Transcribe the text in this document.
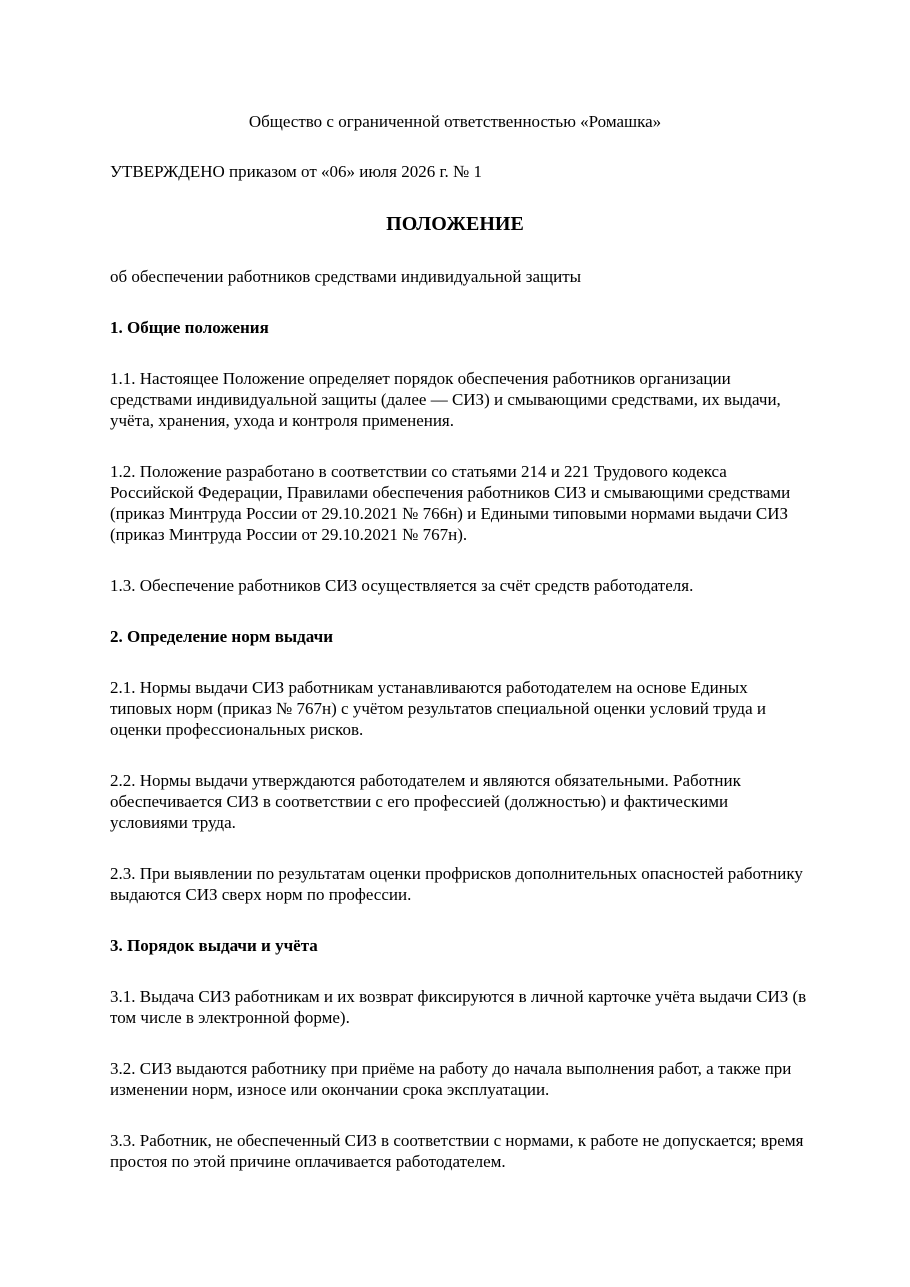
Общество с ограниченной ответственностью «Ромашка»

УТВЕРЖДЕНО приказом от «06» июля 2026 г. № 1

ПОЛОЖЕНИЕ

об обеспечении работников средствами индивидуальной защиты

1. Общие положения

1.1. Настоящее Положение определяет порядок обеспечения работников организации средствами индивидуальной защиты (далее — СИЗ) и смывающими средствами, их выдачи, учёта, хранения, ухода и контроля применения.

1.2. Положение разработано в соответствии со статьями 214 и 221 Трудового кодекса Российской Федерации, Правилами обеспечения работников СИЗ и смывающими средствами (приказ Минтруда России от 29.10.2021 № 766н) и Едиными типовыми нормами выдачи СИЗ (приказ Минтруда России от 29.10.2021 № 767н).

1.3. Обеспечение работников СИЗ осуществляется за счёт средств работодателя.

2. Определение норм выдачи

2.1. Нормы выдачи СИЗ работникам устанавливаются работодателем на основе Единых типовых норм (приказ № 767н) с учётом результатов специальной оценки условий труда и оценки профессиональных рисков.

2.2. Нормы выдачи утверждаются работодателем и являются обязательными. Работник обеспечивается СИЗ в соответствии с его профессией (должностью) и фактическими условиями труда.

2.3. При выявлении по результатам оценки профрисков дополнительных опасностей работнику выдаются СИЗ сверх норм по профессии.

3. Порядок выдачи и учёта

3.1. Выдача СИЗ работникам и их возврат фиксируются в личной карточке учёта выдачи СИЗ (в том числе в электронной форме).

3.2. СИЗ выдаются работнику при приёме на работу до начала выполнения работ, а также при изменении норм, износе или окончании срока эксплуатации.

3.3. Работник, не обеспеченный СИЗ в соответствии с нормами, к работе не допускается; время простоя по этой причине оплачивается работодателем.
